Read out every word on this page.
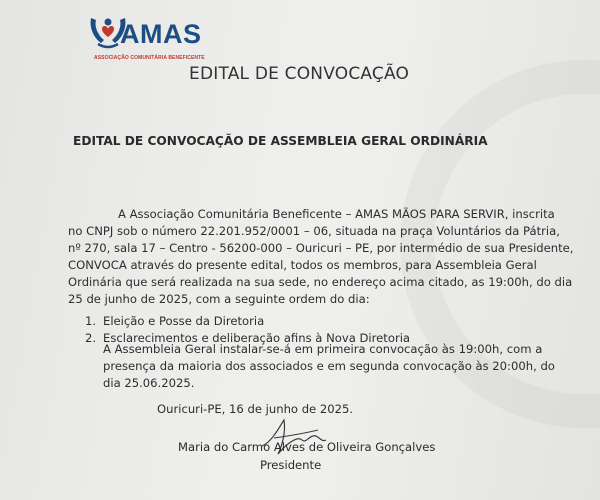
AMAS
ASSOCIAÇÃO COMUNITÁRIA BENEFICENTE
EDITAL DE CONVOCAÇÃO
EDITAL DE CONVOCAÇÃO DE ASSEMBLEIA GERAL ORDINÁRIA
A Associação Comunitária Beneficente – AMAS MÃOS PARA SERVIR, inscrita
no CNPJ sob o número 22.201.952/0001 – 06, situada na praça Voluntários da Pátria,
nº 270, sala 17 – Centro - 56200-000 – Ouricuri – PE, por intermédio de sua Presidente,
CONVOCA através do presente edital, todos os membros, para Assembleia Geral
Ordinária que será realizada na sua sede, no endereço acima citado, as 19:00h, do dia
25 de junho de 2025, com a seguinte ordem do dia:
1. Eleição e Posse da Diretoria
2. Esclarecimentos e deliberação afins à Nova Diretoria
A Assembleia Geral instalar-se-á em primeira convocação às 19:00h, com a
presença da maioria dos associados e em segunda convocação às 20:00h, do
dia 25.06.2025.
Ouricuri-PE, 16 de junho de 2025.
Maria do Carmo Alves de Oliveira Gonçalves
Presidente
